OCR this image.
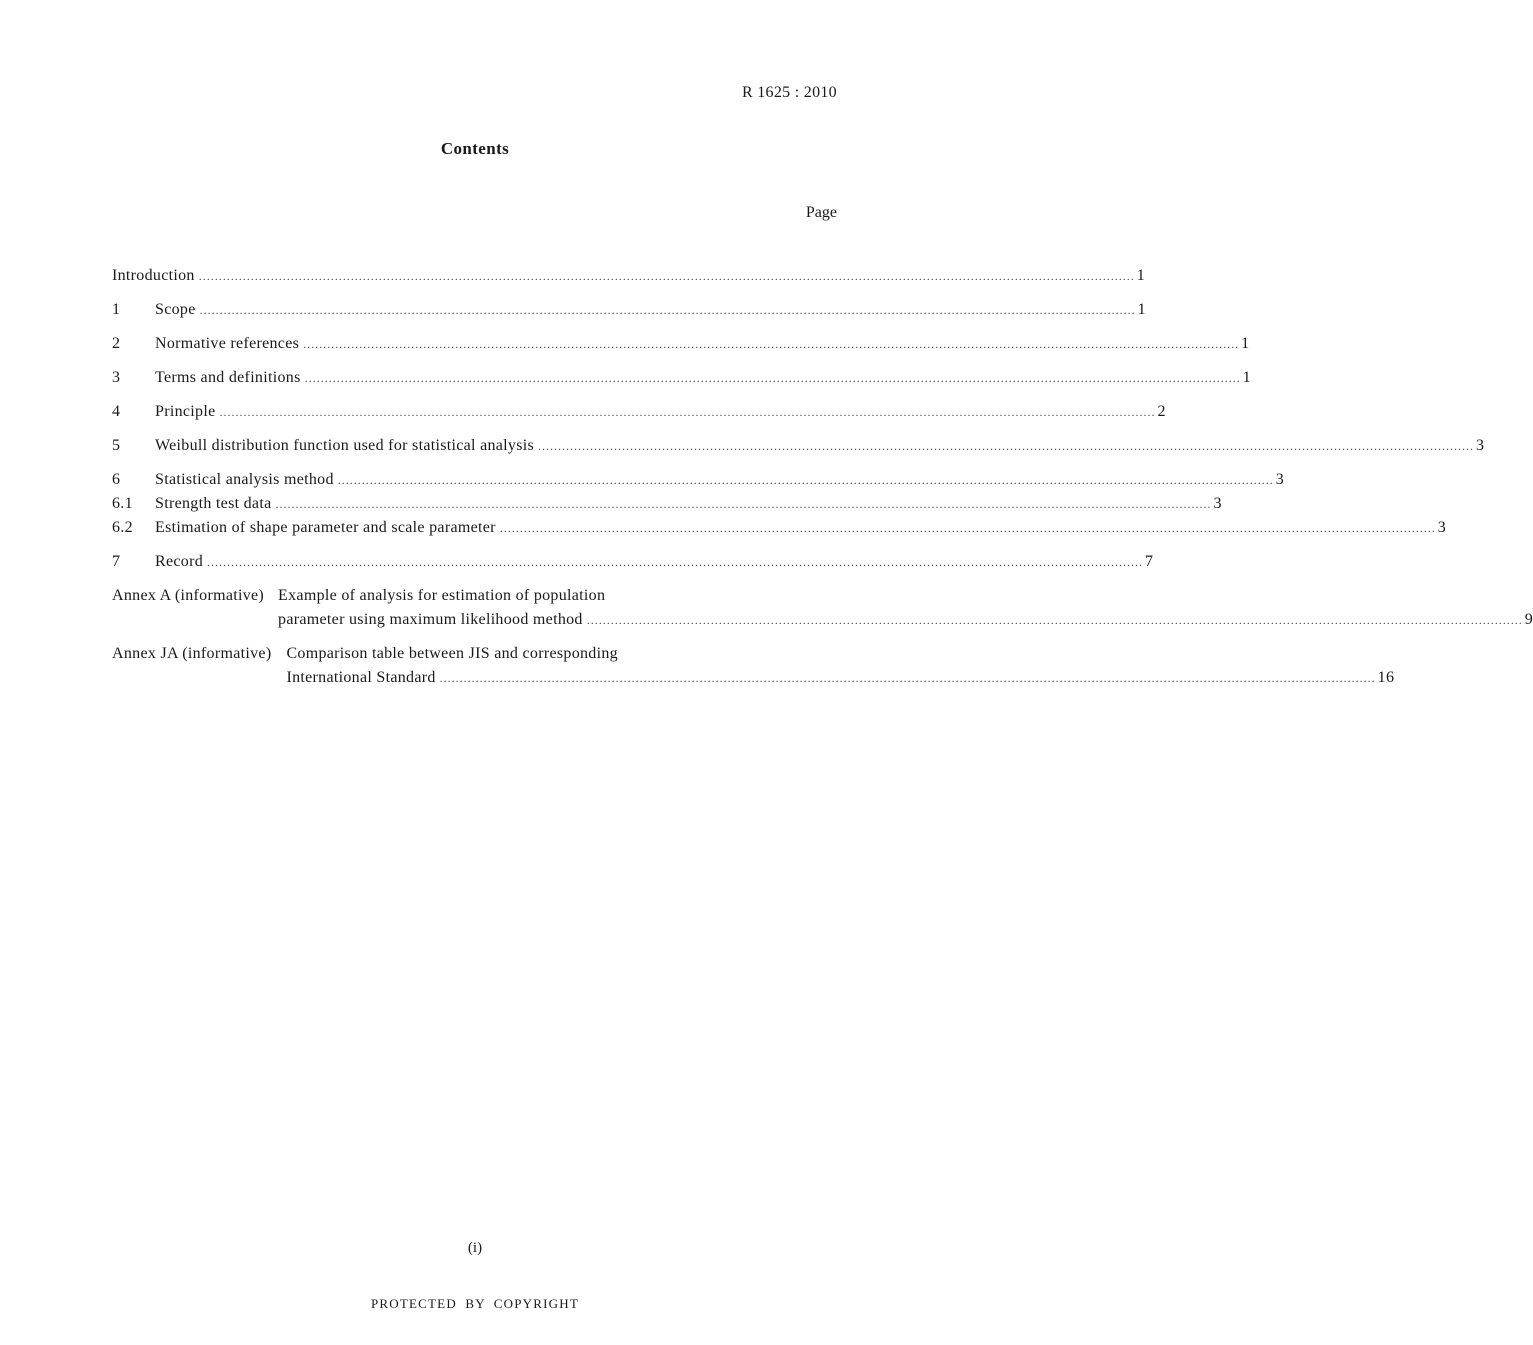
R 1625 : 2010
Contents
Page
Introduction .....	1
1	Scope .....	1
2	Normative references .....	1
3	Terms and definitions .....	1
4	Principle .....	2
5	Weibull distribution function used for statistical analysis .....	3
6	Statistical analysis method .....	3
6.1	Strength test data .....	3
6.2	Estimation of shape parameter and scale parameter .....	3
7	Record .....	7
Annex A (informative) Example of analysis for estimation of population
parameter using maximum likelihood method .....	9
Annex JA (informative) Comparison table between JIS and corresponding
International Standard .....	16
(i)
PROTECTED BY COPYRIGHT
